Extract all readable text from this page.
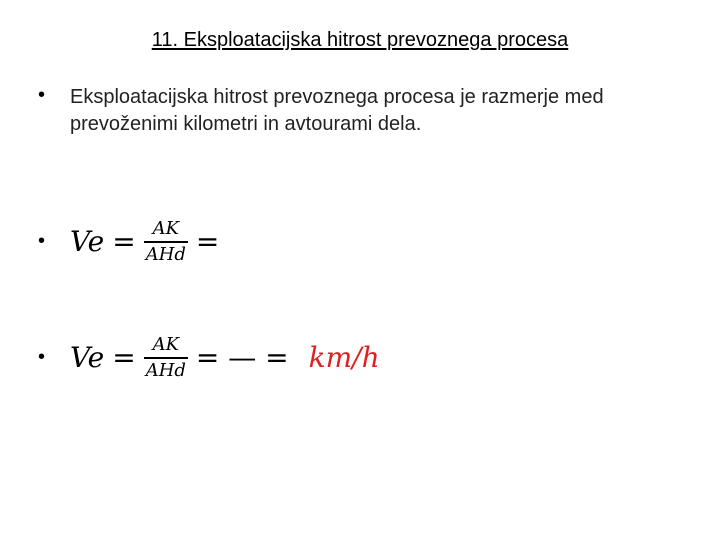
11. Eksploatacijska hitrost prevoznega procesa
• Eksploatacijska hitrost prevoznega procesa je razmerje med prevoženimi kilometri in avtourami dela.
• $Ve = \frac{AK}{\text{AHd}}$ =
• $Ve = \frac{AK}{\text{AHd}}$ = — = km/h
